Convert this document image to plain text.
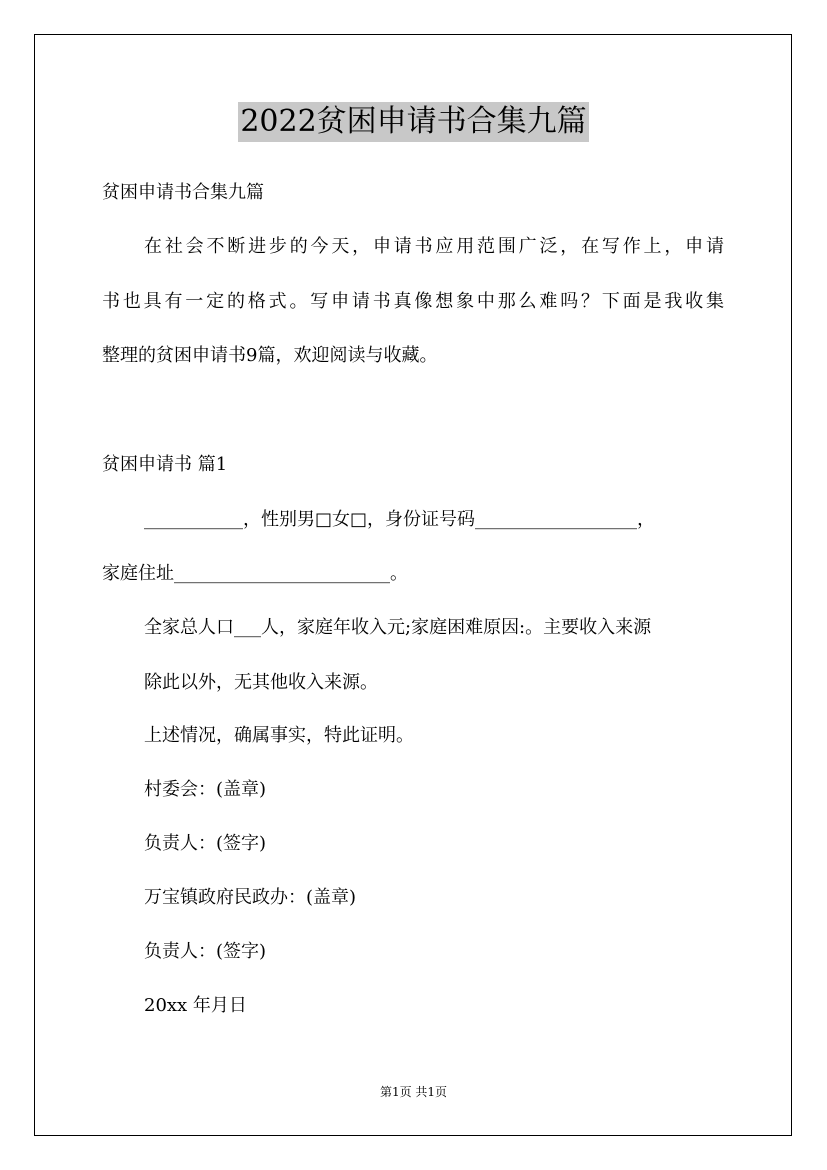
2022贫困申请书合集九篇
贫困申请书合集九篇
在社会不断进步的今天，申请书应用范围广泛，在写作上，申请
书也具有一定的格式。写申请书真像想象中那么难吗？下面是我收集
整理的贫困申请书9篇，欢迎阅读与收藏。
贫困申请书 篇1
___________，性别男□女□，身份证号码__________________，
家庭住址________________________。
全家总人口___人，家庭年收入元;家庭困难原因:。主要收入来源
除此以外，无其他收入来源。
上述情况，确属事实，特此证明。
村委会：(盖章)
负责人：(签字)
万宝镇政府民政办：(盖章)
负责人：(签字)
20xx 年月日
第1页 共1页
